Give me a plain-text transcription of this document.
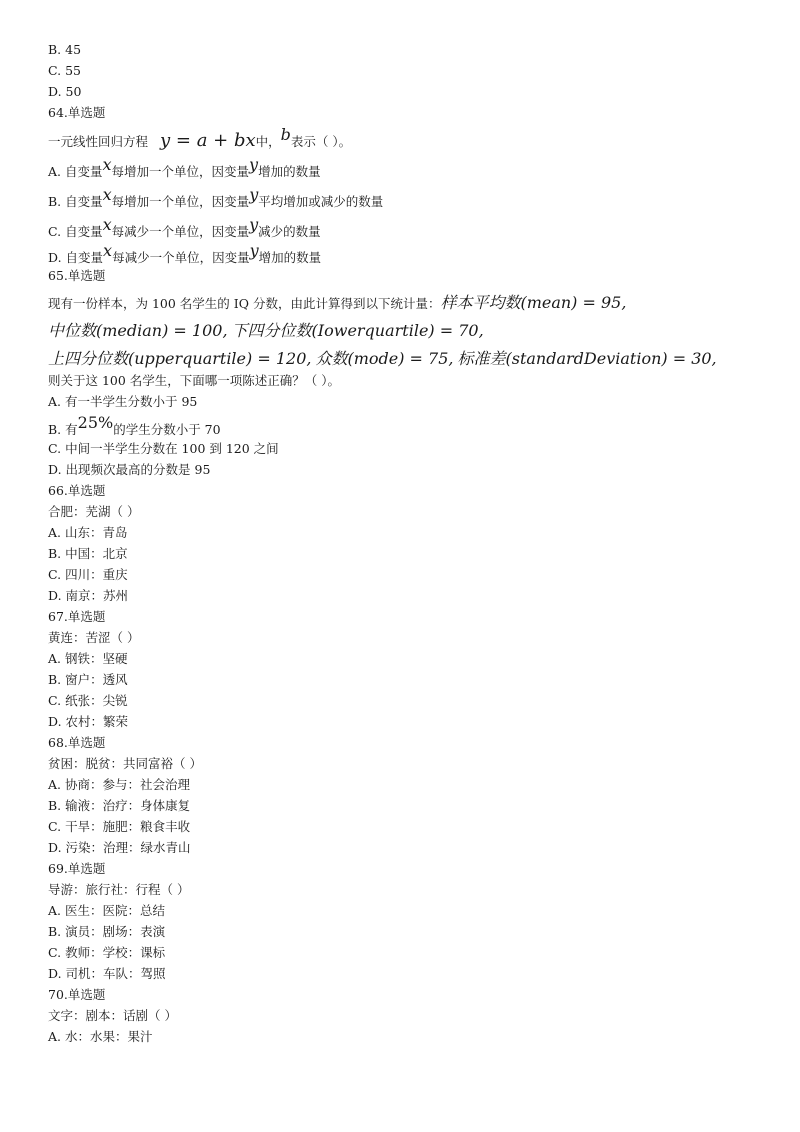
B. 45
C. 55
D. 50
64.单选题
一元线性回归方程 y = a + bx中，b表示（ ）。
A. 自变量x每增加一个单位，因变量y增加的数量
B. 自变量x每增加一个单位，因变量y平均增加或减少的数量
C. 自变量x每减少一个单位，因变量y减少的数量
D. 自变量x每减少一个单位，因变量y增加的数量
65.单选题
现有一份样本，为 100 名学生的 IQ 分数，由此计算得到以下统计量：样本平均数(mean) = 95,
中位数(median) = 100, 下四分位数(Iowerquartile) = 70,
上四分位数(upperquartile) = 120, 众数(mode) = 75, 标准差(standardDeviation) = 30,
则关于这 100 名学生，下面哪一项陈述正确？（ ）。
A. 有一半学生分数小于 95
B. 有25%的学生分数小于 70
C. 中间一半学生分数在 100 到 120 之间
D. 出现频次最高的分数是 95
66.单选题
合肥：芜湖（ ）
A. 山东：青岛
B. 中国：北京
C. 四川：重庆
D. 南京：苏州
67.单选题
黄连：苦涩（ ）
A. 钢铁：坚硬
B. 窗户：透风
C. 纸张：尖锐
D. 农村：繁荣
68.单选题
贫困：脱贫：共同富裕（ ）
A. 协商：参与：社会治理
B. 输液：治疗：身体康复
C. 干旱：施肥：粮食丰收
D. 污染：治理：绿水青山
69.单选题
导游：旅行社：行程（ ）
A. 医生：医院：总结
B. 演员：剧场：表演
C. 教师：学校：课标
D. 司机：车队：驾照
70.单选题
文字：剧本：话剧（ ）
A. 水：水果：果汁
